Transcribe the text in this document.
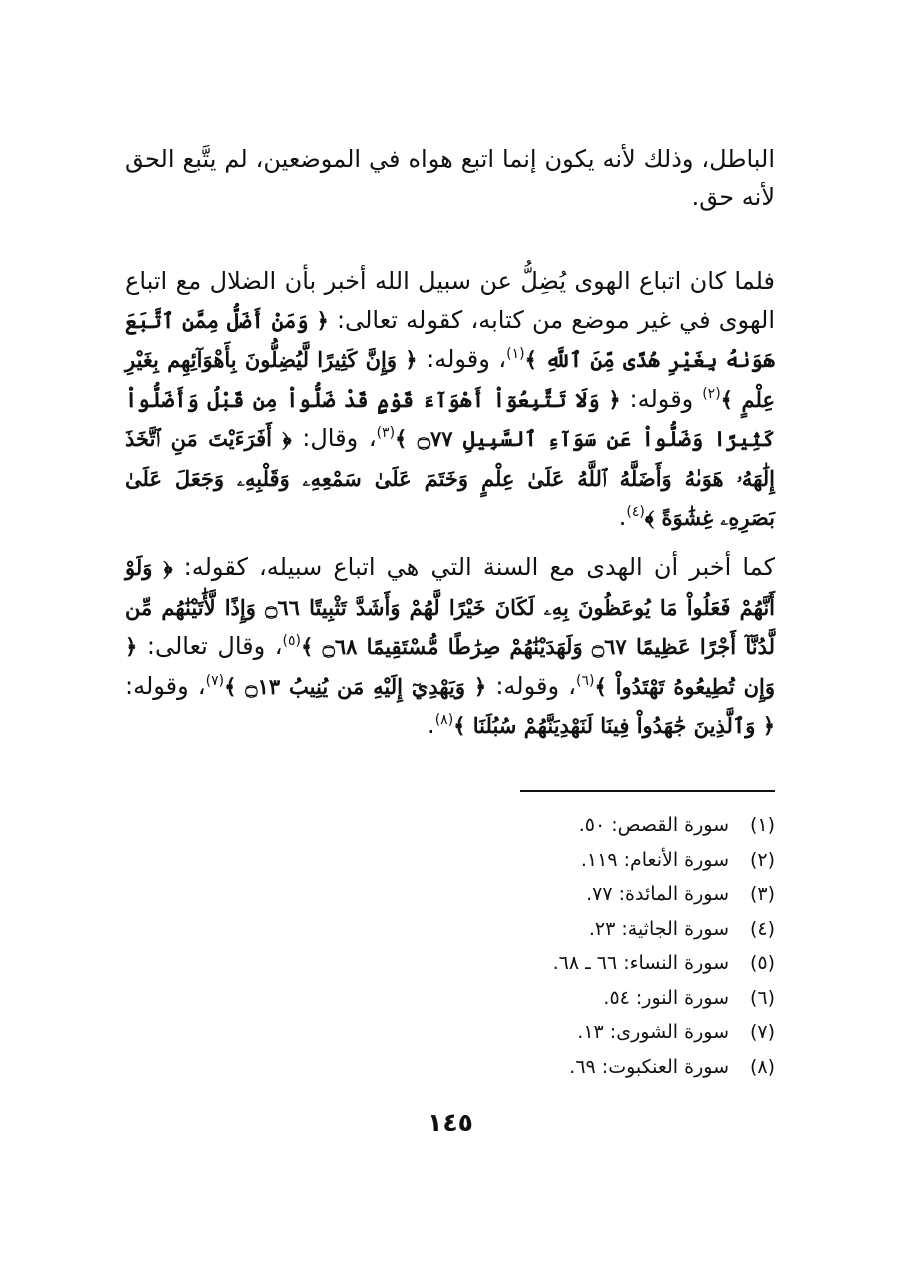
الباطل، وذلك لأنه يكون إنما اتبع هواه في الموضعين، لم يتَّبع الحق لأنه حق.

فلما كان اتباع الهوى يُضِلُّ عن سبيل الله أخبر بأن الضلال مع اتباع الهوى في غير موضع من كتابه، كقوله تعالى: ﴿ وَمَنْ أَضَلُّ مِمَّنِ ٱتَّبَعَ هَوَىٰهُ بِغَيْرِ هُدًى مِّنَ ٱللَّهِ ﴾$^{(١)}$، وقوله: ﴿ وَإِنَّ كَثِيرًا لَّيُضِلُّونَ بِأَهْوَآئِهِم بِغَيْرِ عِلْمٍ ﴾$^{(٢)}$ وقوله: ﴿ وَلَا تَتَّبِعُوٓاْ أَهْوَآءَ قَوْمٍ قَدْ ضَلُّواْ مِن قَبْلُ وَأَضَلُّواْ كَثِيرًا وَضَلُّواْ عَن سَوَآءِ ٱلسَّبِيلِ ۝٧٧ ﴾$^{(٣)}$، وقال: ﴿ أَفَرَءَيْتَ مَنِ ٱتَّخَذَ إِلَٰهَهُۥ هَوَىٰهُ وَأَضَلَّهُ ٱللَّهُ عَلَىٰ عِلْمٍ وَخَتَمَ عَلَىٰ سَمْعِهِۦ وَقَلْبِهِۦ وَجَعَلَ عَلَىٰ بَصَرِهِۦ غِشَٰوَةً ﴾$^{(٤)}$.

كما أخبر أن الهدى مع السنة التي هي اتباع سبيله، كقوله: ﴿ وَلَوْ أَنَّهُمْ فَعَلُواْ مَا يُوعَظُونَ بِهِۦ لَكَانَ خَيْرًا لَّهُمْ وَأَشَدَّ تَثْبِيتًا ۝٦٦ وَإِذًا لَّأَٰتَيْنَٰهُم مِّن لَّدُنَّآ أَجْرًا عَظِيمًا ۝٦٧ وَلَهَدَيْنَٰهُمْ صِرَٰطًا مُّسْتَقِيمًا ۝٦٨ ﴾$^{(٥)}$، وقال تعالى: ﴿ وَإِن تُطِيعُوهُ تَهْتَدُواْ ﴾$^{(٦)}$، وقوله: ﴿ وَيَهْدِيٓ إِلَيْهِ مَن يُنِيبُ ۝١٣ ﴾$^{(٧)}$، وقوله: ﴿ وَٱلَّذِينَ جَٰهَدُواْ فِينَا لَنَهْدِيَنَّهُمْ سُبُلَنَا ﴾$^{(٨)}$.

(١)سورة القصص: ٥٠.
(٢)سورة الأنعام: ١١٩.
(٣)سورة المائدة: ٧٧.
(٤)سورة الجاثية: ٢٣.
(٥)سورة النساء: ٦٦ ـ ٦٨.
(٦)سورة النور: ٥٤.
(٧)سورة الشورى: ١٣.
(٨)سورة العنكبوت: ٦٩.
١٤٥
